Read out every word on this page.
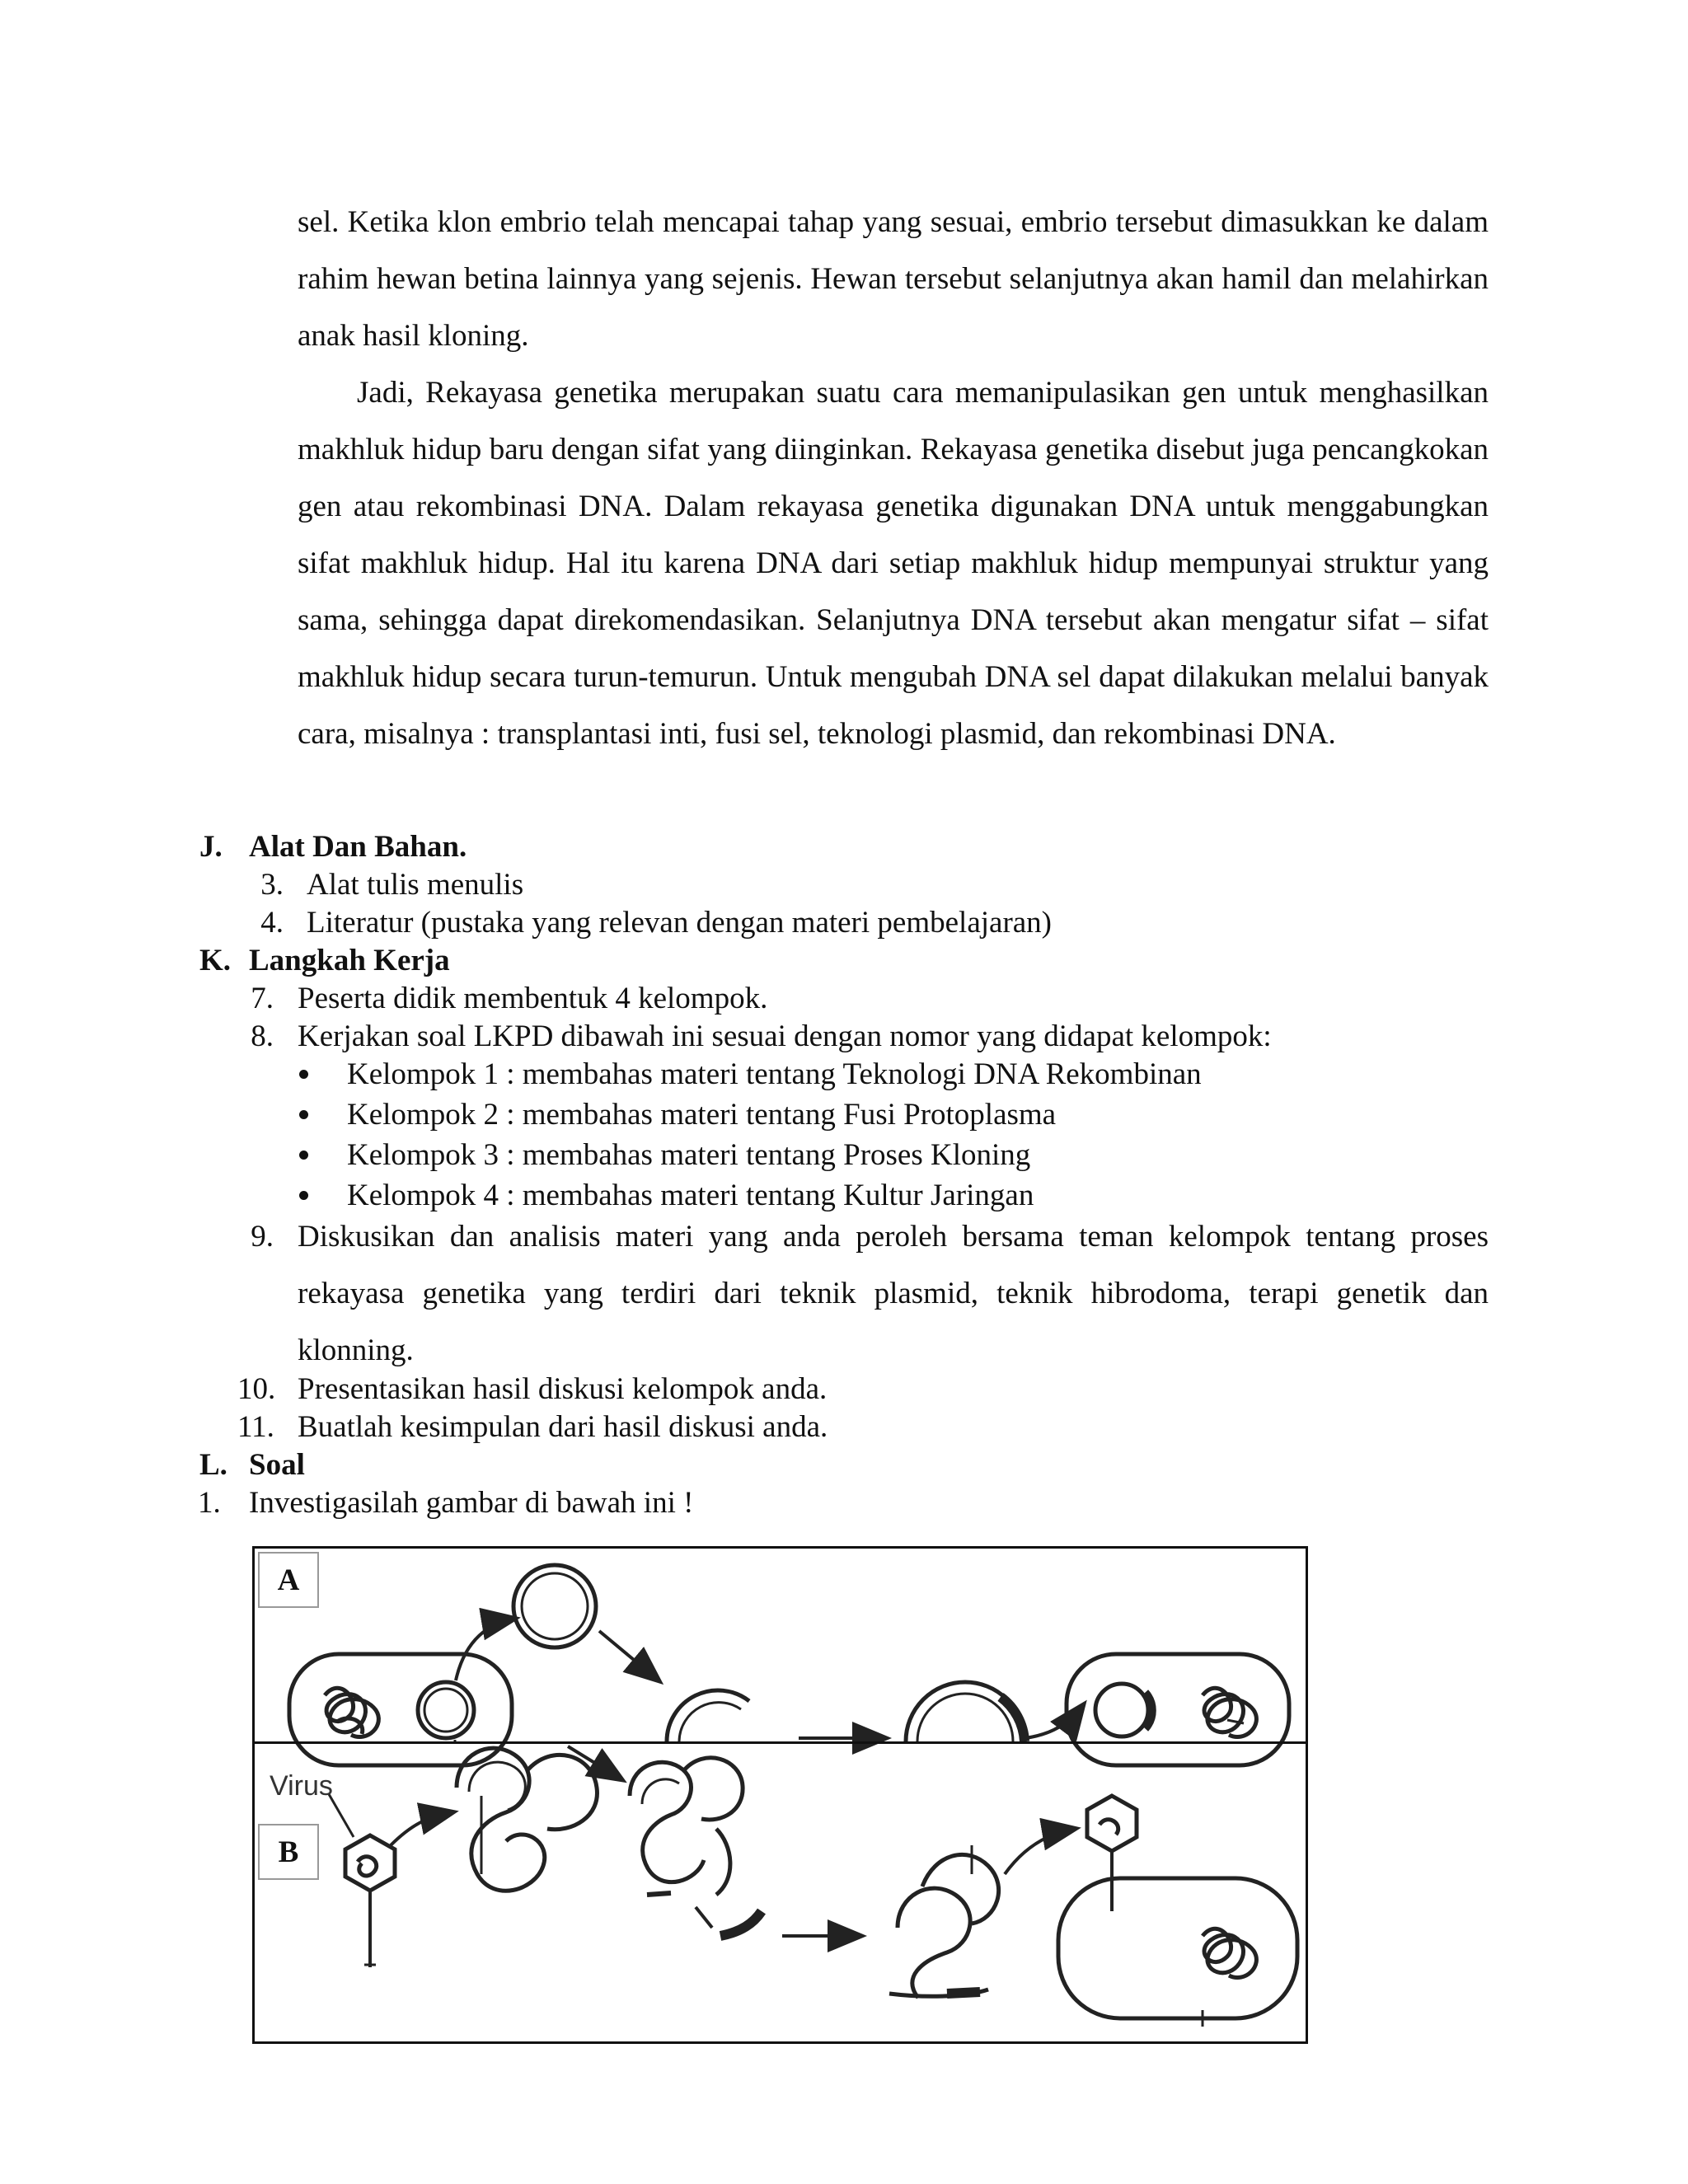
sel. Ketika klon embrio telah mencapai tahap yang sesuai, embrio tersebut dimasukkan ke dalam rahim hewan betina lainnya yang sejenis. Hewan tersebut selanjutnya akan hamil dan melahirkan anak hasil kloning.

Jadi, Rekayasa genetika merupakan suatu cara memanipulasikan gen untuk menghasilkan makhluk hidup baru dengan sifat yang diinginkan. Rekayasa genetika disebut juga pencangkokan gen atau rekombinasi DNA. Dalam rekayasa genetika digunakan DNA untuk menggabungkan sifat makhluk hidup. Hal itu karena DNA dari setiap makhluk hidup mempunyai struktur yang sama, sehingga dapat direkomendasikan. Selanjutnya DNA tersebut akan mengatur sifat – sifat makhluk hidup secara turun-temurun. Untuk mengubah DNA sel dapat dilakukan melalui banyak cara, misalnya : transplantasi inti, fusi sel, teknologi plasmid, dan rekombinasi DNA.

J. Alat Dan Bahan.
3. Alat tulis menulis
4. Literatur (pustaka yang relevan dengan materi pembelajaran)
K. Langkah Kerja
7. Peserta didik membentuk 4 kelompok.
8. Kerjakan soal LKPD dibawah ini sesuai dengan nomor yang didapat kelompok:
Kelompok 1 : membahas materi tentang Teknologi DNA Rekombinan
Kelompok 2 : membahas materi tentang Fusi Protoplasma
Kelompok 3 : membahas materi tentang Proses Kloning
Kelompok 4 : membahas materi tentang Kultur Jaringan
9. Diskusikan dan analisis materi yang anda peroleh bersama teman kelompok tentang proses rekayasa genetika yang terdiri dari teknik plasmid, teknik hibrodoma, terapi genetik dan klonning.

10. Presentasikan hasil diskusi kelompok anda.
11. Buatlah kesimpulan dari hasil diskusi anda.
L. Soal
1. Investigasilah gambar di bawah ini !
A
B
Virus
